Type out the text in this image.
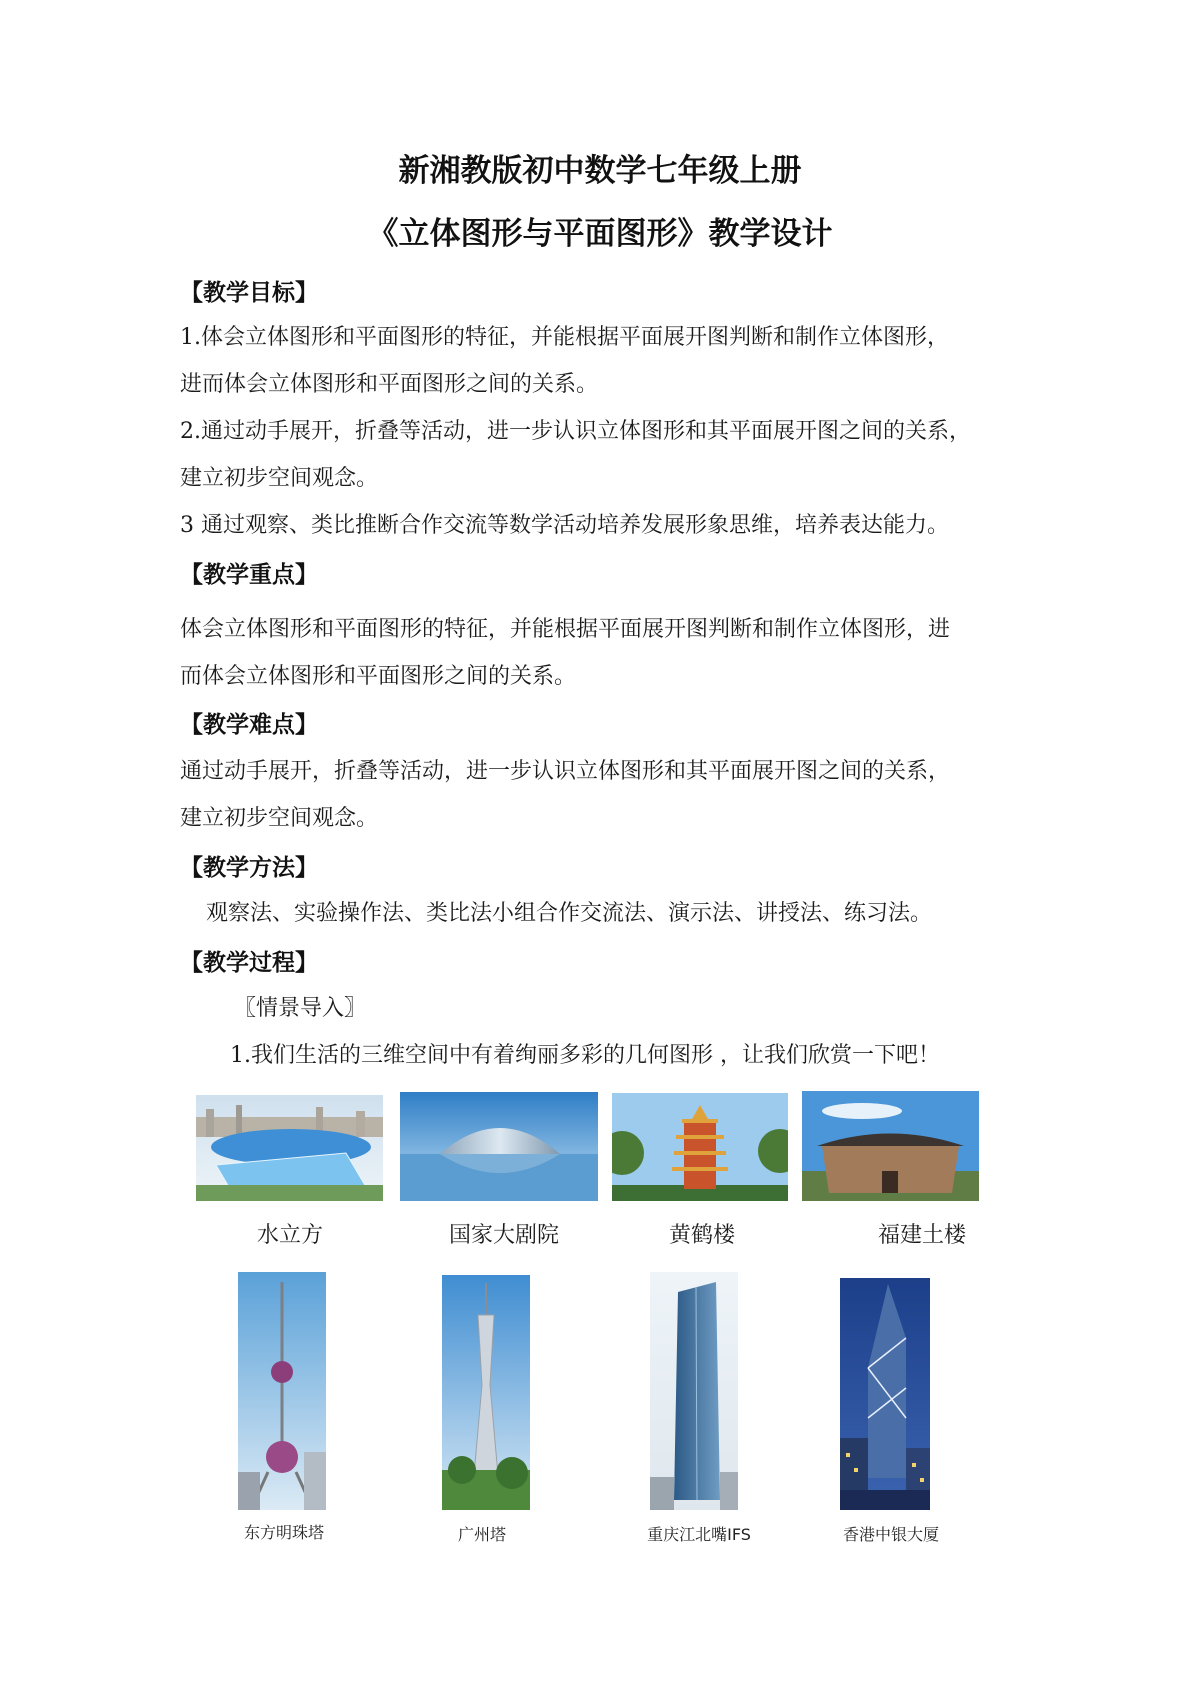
新湘教版初中数学七年级上册
《立体图形与平面图形》教学设计
【教学目标】
1.体会立体图形和平面图形的特征，并能根据平面展开图判断和制作立体图形，
进而体会立体图形和平面图形之间的关系。
2.通过动手展开，折叠等活动，进一步认识立体图形和其平面展开图之间的关系，
建立初步空间观念。
3 通过观察、类比推断合作交流等数学活动培养发展形象思维，培养表达能力。
【教学重点】
体会立体图形和平面图形的特征，并能根据平面展开图判断和制作立体图形，进
而体会立体图形和平面图形之间的关系。
【教学难点】
通过动手展开，折叠等活动，进一步认识立体图形和其平面展开图之间的关系，
建立初步空间观念。
【教学方法】
观察法、实验操作法、类比法小组合作交流法、演示法、讲授法、练习法。
【教学过程】
〖情景导入〗
1.我们生活的三维空间中有着绚丽多彩的几何图形 ，让我们欣赏一下吧！
水立方	国家大剧院	黄鹤楼	福建土楼
东方明珠塔	广州塔	重庆江北嘴IFS	香港中银大厦
